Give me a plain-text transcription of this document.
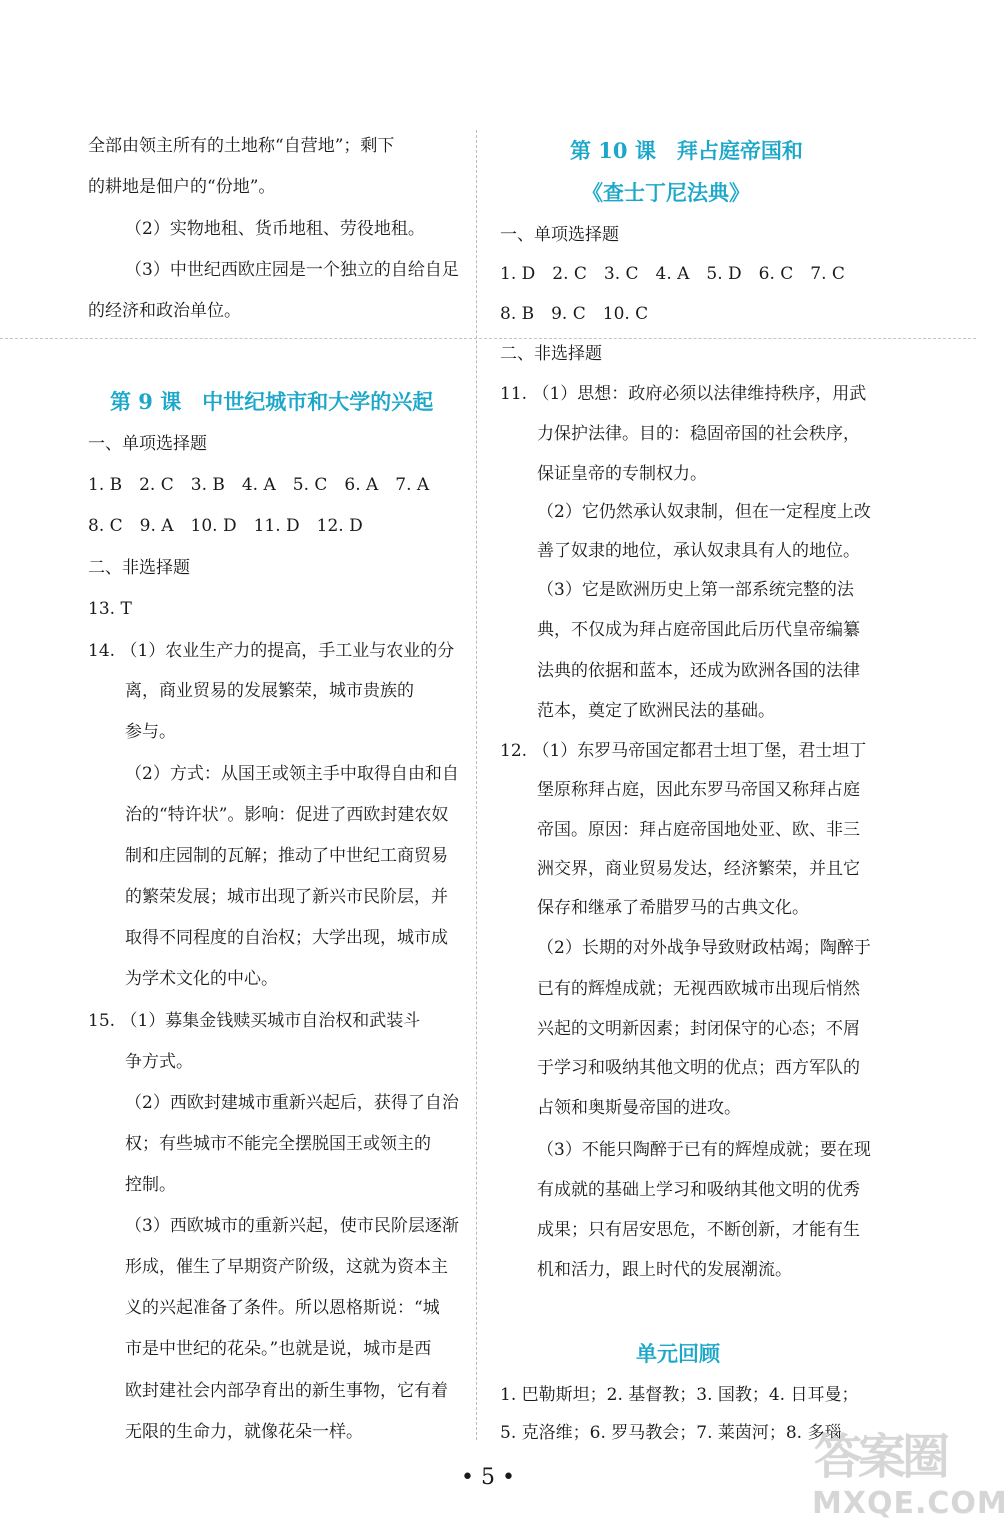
全部由领主所有的土地称“自营地”；剩下
的耕地是佃户的“份地”。
（2）实物地租、货币地租、劳役地租。
（3）中世纪西欧庄园是一个独立的自给自足
的经济和政治单位。
第 9 课　中世纪城市和大学的兴起
一、单项选择题
1. B　2. C　3. B　4. A　5. C　6. A　7. A
8. C　9. A　10. D　11. D　12. D
二、非选择题
13. T
14. （1）农业生产力的提高，手工业与农业的分
离，商业贸易的发展繁荣，城市贵族的
参与。
（2）方式：从国王或领主手中取得自由和自
治的“特许状”。影响：促进了西欧封建农奴
制和庄园制的瓦解；推动了中世纪工商贸易
的繁荣发展；城市出现了新兴市民阶层，并
取得不同程度的自治权；大学出现，城市成
为学术文化的中心。
15. （1）募集金钱赎买城市自治权和武装斗
争方式。
（2）西欧封建城市重新兴起后，获得了自治
权；有些城市不能完全摆脱国王或领主的
控制。
（3）西欧城市的重新兴起，使市民阶层逐渐
形成，催生了早期资产阶级，这就为资本主
义的兴起准备了条件。所以恩格斯说：“城
市是中世纪的花朵。”也就是说，城市是西
欧封建社会内部孕育出的新生事物，它有着
无限的生命力，就像花朵一样。
第 10 课　拜占庭帝国和
《查士丁尼法典》
一、单项选择题
1. D　2. C　3. C　4. A　5. D　6. C　7. C
8. B　9. C　10. C
二、非选择题
11. （1）思想：政府必须以法律维持秩序，用武
力保护法律。目的：稳固帝国的社会秩序，
保证皇帝的专制权力。
（2）它仍然承认奴隶制，但在一定程度上改
善了奴隶的地位，承认奴隶具有人的地位。
（3）它是欧洲历史上第一部系统完整的法
典，不仅成为拜占庭帝国此后历代皇帝编纂
法典的依据和蓝本，还成为欧洲各国的法律
范本，奠定了欧洲民法的基础。
12. （1）东罗马帝国定都君士坦丁堡，君士坦丁
堡原称拜占庭，因此东罗马帝国又称拜占庭
帝国。原因：拜占庭帝国地处亚、欧、非三
洲交界，商业贸易发达，经济繁荣，并且它
保存和继承了希腊罗马的古典文化。
（2）长期的对外战争导致财政枯竭；陶醉于
已有的辉煌成就；无视西欧城市出现后悄然
兴起的文明新因素；封闭保守的心态；不屑
于学习和吸纳其他文明的优点；西方军队的
占领和奥斯曼帝国的进攻。
（3）不能只陶醉于已有的辉煌成就；要在现
有成就的基础上学习和吸纳其他文明的优秀
成果；只有居安思危，不断创新，才能有生
机和活力，跟上时代的发展潮流。
单元回顾
1. 巴勒斯坦；2. 基督教；3. 国教；4. 日耳曼；
5. 克洛维；6. 罗马教会；7. 莱茵河；8. 多瑙
• 5 •	答案圈
MXQE.COM
